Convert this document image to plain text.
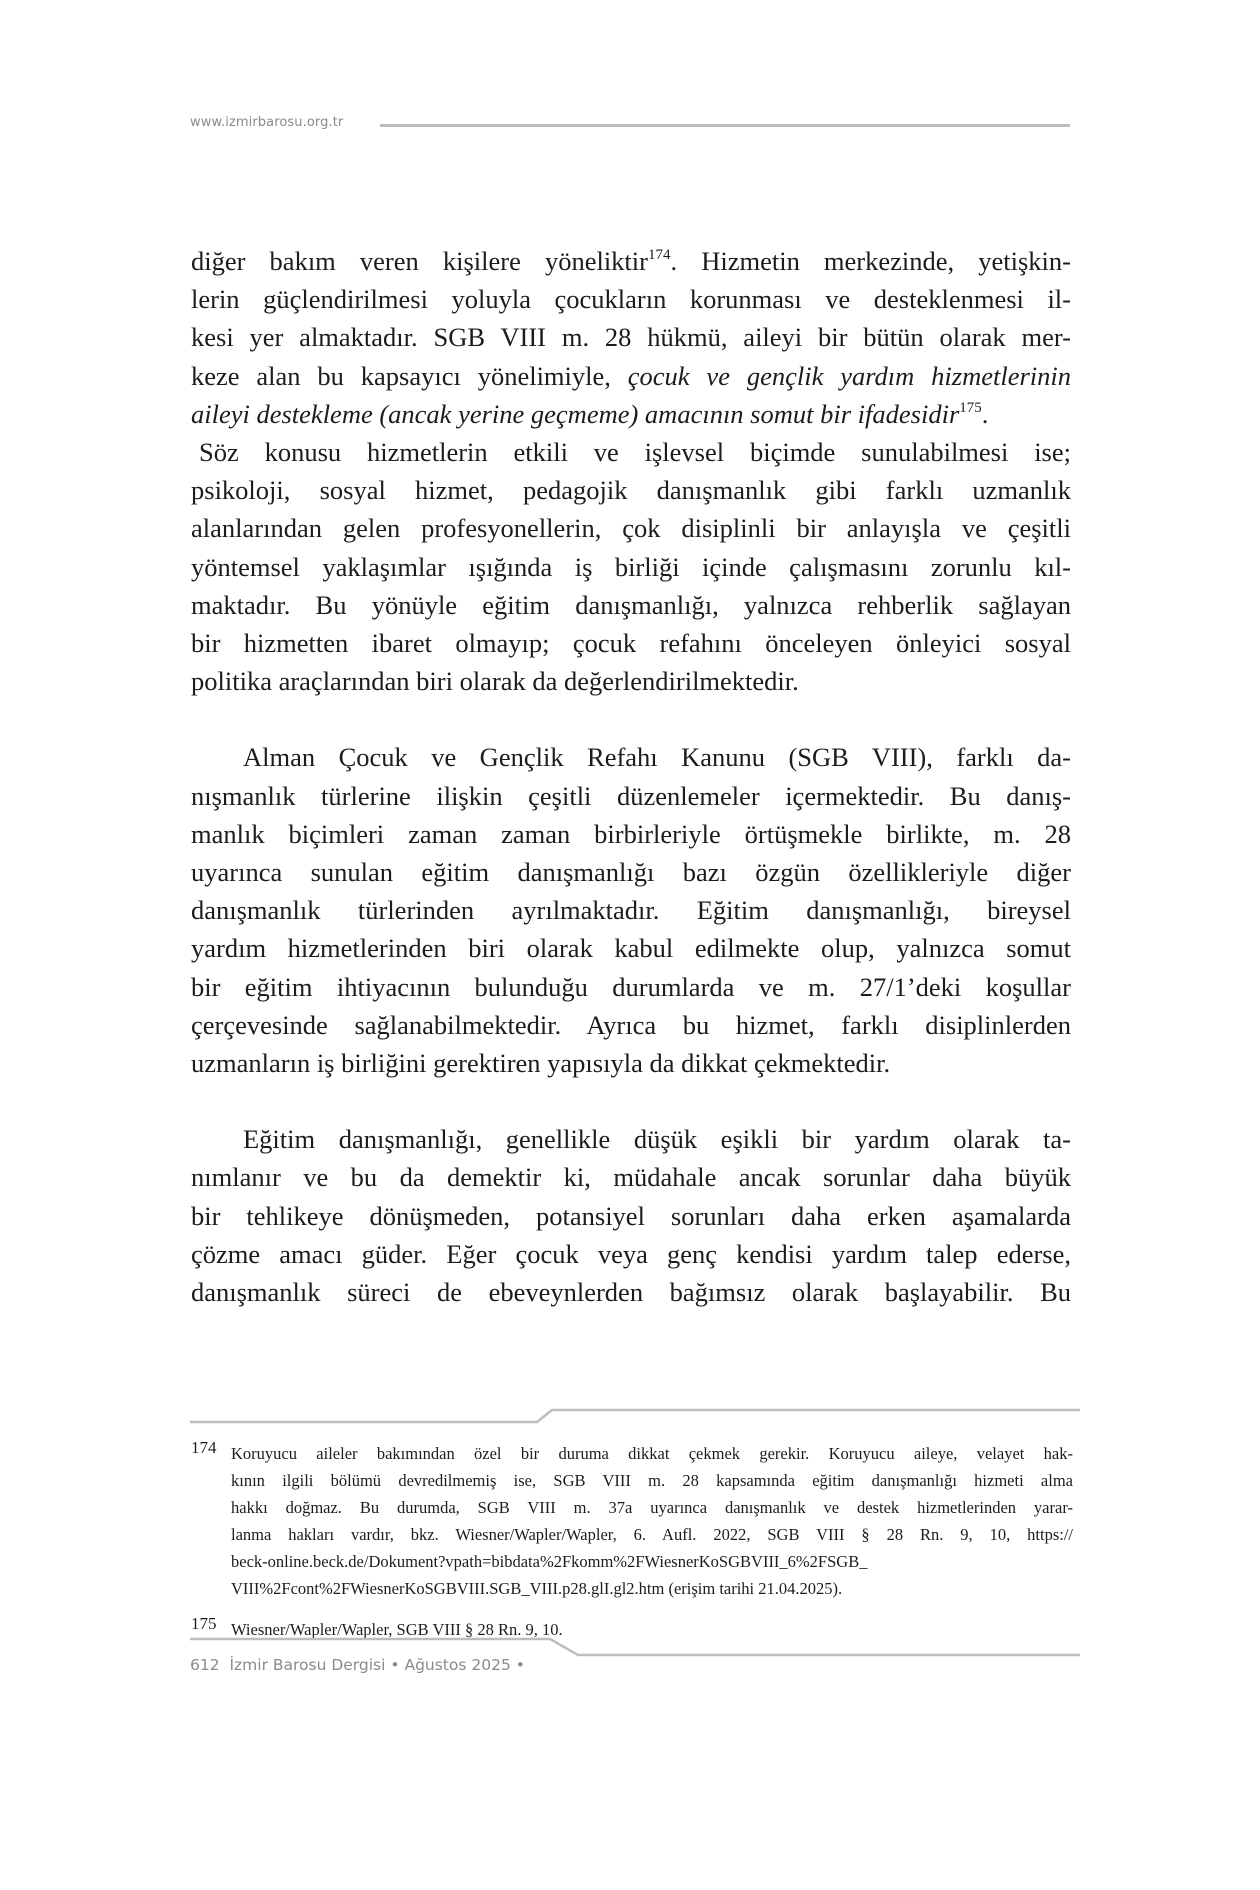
www.izmirbarosu.org.tr

diğer bakım veren kişilere yöneliktir$^{174}$. Hizmetin merkezinde, yetişkin-
lerin güçlendirilmesi yoluyla çocukların korunması ve desteklenmesi il-
kesi yer almaktadır. SGB VIII m. 28 hükmü, aileyi bir bütün olarak mer-
keze alan bu kapsayıcı yönelimiyle, çocuk ve gençlik yardım hizmetlerinin
aileyi destekleme (ancak yerine geçmeme) amacının somut bir ifadesidir$^{175}$.

Söz konusu hizmetlerin etkili ve işlevsel biçimde sunulabilmesi ise;
psikoloji, sosyal hizmet, pedagojik danışmanlık gibi farklı uzmanlık
alanlarından gelen profesyonellerin, çok disiplinli bir anlayışla ve çeşitli
yöntemsel yaklaşımlar ışığında iş birliği içinde çalışmasını zorunlu kıl-
maktadır. Bu yönüyle eğitim danışmanlığı, yalnızca rehberlik sağlayan
bir hizmetten ibaret olmayıp; çocuk refahını önceleyen önleyici sosyal
politika araçlarından biri olarak da değerlendirilmektedir.

Alman Çocuk ve Gençlik Refahı Kanunu (SGB VIII), farklı da-
nışmanlık türlerine ilişkin çeşitli düzenlemeler içermektedir. Bu danış-
manlık biçimleri zaman zaman birbirleriyle örtüşmekle birlikte, m. 28
uyarınca sunulan eğitim danışmanlığı bazı özgün özellikleriyle diğer
danışmanlık türlerinden ayrılmaktadır. Eğitim danışmanlığı, bireysel
yardım hizmetlerinden biri olarak kabul edilmekte olup, yalnızca somut
bir eğitim ihtiyacının bulunduğu durumlarda ve m. 27/1’deki koşullar
çerçevesinde sağlanabilmektedir. Ayrıca bu hizmet, farklı disiplinlerden
uzmanların iş birliğini gerektiren yapısıyla da dikkat çekmektedir.

Eğitim danışmanlığı, genellikle düşük eşikli bir yardım olarak ta-
nımlanır ve bu da demektir ki, müdahale ancak sorunlar daha büyük
bir tehlikeye dönüşmeden, potansiyel sorunları daha erken aşamalarda
çözme amacı güder. Eğer çocuk veya genç kendisi yardım talep ederse,
danışmanlık süreci de ebeveynlerden bağımsız olarak başlayabilir. Bu

174 Koruyucu aileler bakımından özel bir duruma dikkat çekmek gerekir. Koruyucu aileye, velayet hak-
kının ilgili bölümü devredilmemiş ise, SGB VIII m. 28 kapsamında eğitim danışmanlığı hizmeti alma
hakkı doğmaz. Bu durumda, SGB VIII m. 37a uyarınca danışmanlık ve destek hizmetlerinden yarar-
lanma hakları vardır, bkz. Wiesner/Wapler/Wapler, 6. Aufl. 2022, SGB VIII § 28 Rn. 9, 10, https://
beck-online.beck.de/Dokument?vpath=bibdata%2Fkomm%2FWiesnerKoSGBVIII_6%2FSGB_
VIII%2Fcont%2FWiesnerKoSGBVIII.SGB_VIII.p28.glI.gl2.htm (erişim tarihi 21.04.2025).
175 Wiesner/Wapler/Wapler, SGB VIII § 28 Rn. 9, 10.
612 İzmir Barosu Dergisi • Ağustos 2025 •
